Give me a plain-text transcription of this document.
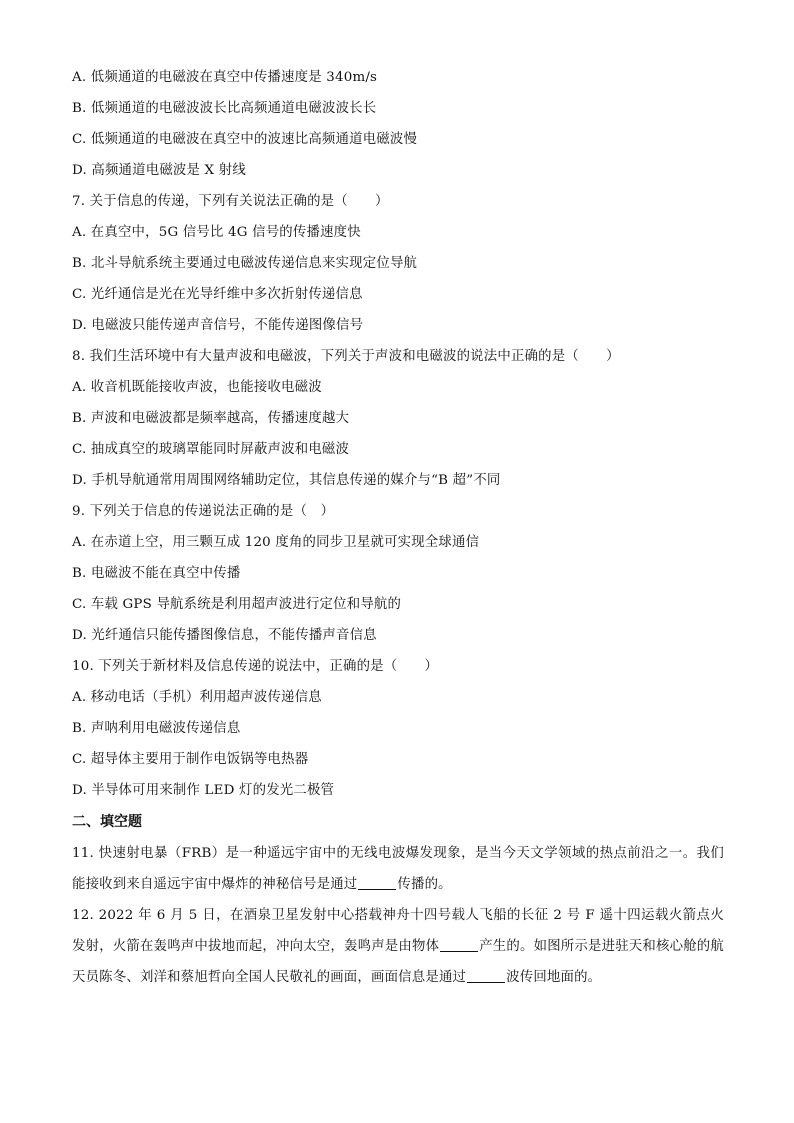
A. 低频通道的电磁波在真空中传播速度是 340m/s
B. 低频通道的电磁波波长比高频通道电磁波波长长
C. 低频通道的电磁波在真空中的波速比高频通道电磁波慢
D. 高频通道电磁波是 X 射线
7. 关于信息的传递，下列有关说法正确的是（　　）
A. 在真空中，5G 信号比 4G 信号的传播速度快
B. 北斗导航系统主要通过电磁波传递信息来实现定位导航
C. 光纤通信是光在光导纤维中多次折射传递信息
D. 电磁波只能传递声音信号，不能传递图像信号
8. 我们生活环境中有大量声波和电磁波，下列关于声波和电磁波的说法中正确的是（　　）
A. 收音机既能接收声波，也能接收电磁波
B. 声波和电磁波都是频率越高，传播速度越大
C. 抽成真空的玻璃罩能同时屏蔽声波和电磁波
D. 手机导航通常用周围网络辅助定位，其信息传递的媒介与“B 超”不同
9. 下列关于信息的传递说法正确的是（　）
A. 在赤道上空，用三颗互成 120 度角的同步卫星就可实现全球通信
B. 电磁波不能在真空中传播
C. 车载 GPS 导航系统是利用超声波进行定位和导航的
D. 光纤通信只能传播图像信息，不能传播声音信息
10. 下列关于新材料及信息传递的说法中，正确的是（　　）
A. 移动电话（手机）利用超声波传递信息
B. 声呐利用电磁波传递信息
C. 超导体主要用于制作电饭锅等电热器
D. 半导体可用来制作 LED 灯的发光二极管
二、填空题
11. 快速射电暴（FRB）是一种遥远宇宙中的无线电波爆发现象，是当今天文学领域的热点前沿之一。我们能接收到来自遥远宇宙中爆炸的神秘信号是通过	传播的。
12. 2022 年 6 月 5 日，在酒泉卫星发射中心搭载神舟十四号载人飞船的长征 2 号 F 遥十四运载火箭点火发射，火箭在轰鸣声中拔地而起，冲向太空，轰鸣声是由物体	产生的。如图所示是进驻天和核心舱的航天员陈冬、刘洋和蔡旭哲向全国人民敬礼的画面，画面信息是通过	波传回地面的。
